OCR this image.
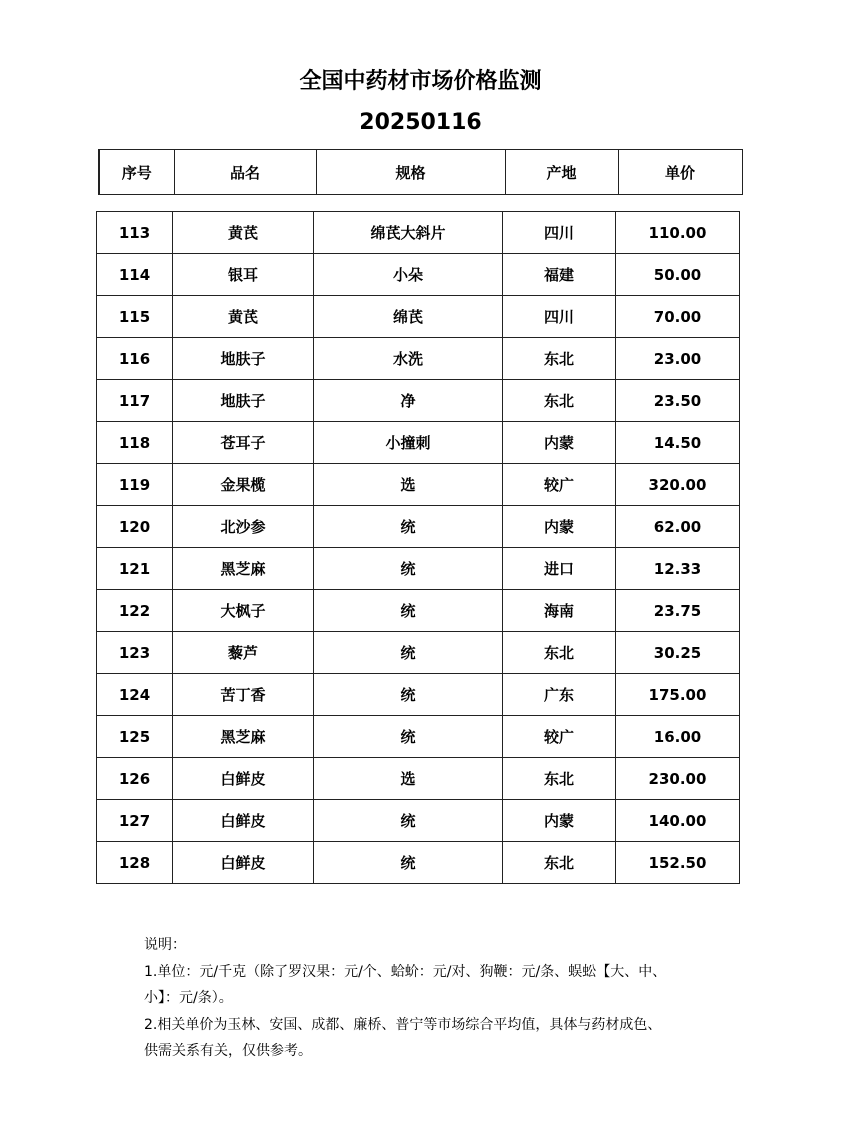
全国中药材市场价格监测
20250116
序号	品名	规格	产地	单价
113	黄芪	绵芪大斜片	四川	110.00
114	银耳	小朵	福建	50.00
115	黄芪	绵芪	四川	70.00
116	地肤子	水洗	东北	23.00
117	地肤子	净	东北	23.50
118	苍耳子	小撞刺	内蒙	14.50
119	金果榄	选	较广	320.00
120	北沙参	统	内蒙	62.00
121	黑芝麻	统	进口	12.33
122	大枫子	统	海南	23.75
123	藜芦	统	东北	30.25
124	苦丁香	统	广东	175.00
125	黑芝麻	统	较广	16.00
126	白鲜皮	选	东北	230.00
127	白鲜皮	统	内蒙	140.00
128	白鲜皮	统	东北	152.50
说明：
1.单位：元/千克（除了罗汉果：元/个、蛤蚧：元/对、狗鞭：元/条、蜈蚣【大、中、
小】：元/条）。
2.相关单价为玉林、安国、成都、廉桥、普宁等市场综合平均值，具体与药材成色、
供需关系有关，仅供参考。
